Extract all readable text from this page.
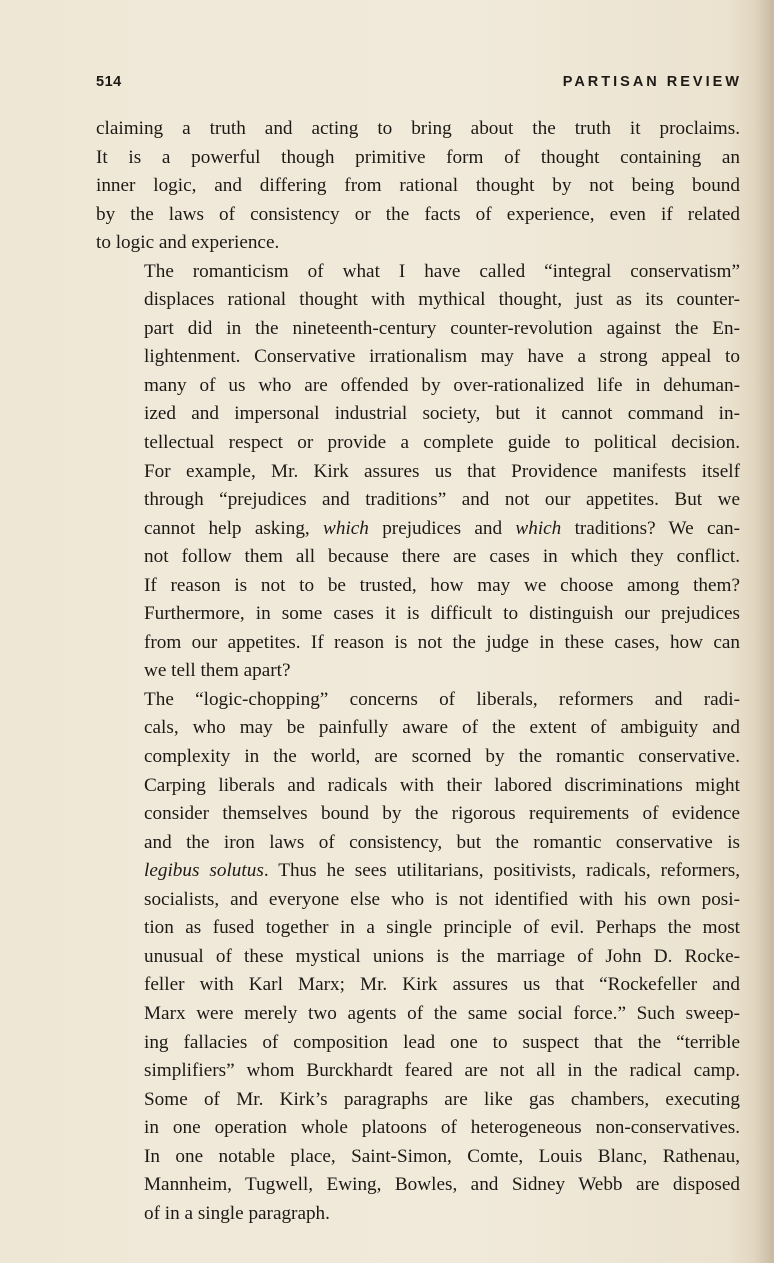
514	PARTISAN REVIEW
claiming a truth and acting to bring about the truth it proclaims.
It is a powerful though primitive form of thought containing an
inner logic, and differing from rational thought by not being bound
by the laws of consistency or the facts of experience, even if related
to logic and experience.
The romanticism of what I have called “integral conservatism”
displaces rational thought with mythical thought, just as its counter-
part did in the nineteenth-century counter-revolution against the En-
lightenment. Conservative irrationalism may have a strong appeal to
many of us who are offended by over-rationalized life in dehuman-
ized and impersonal industrial society, but it cannot command in-
tellectual respect or provide a complete guide to political decision.
For example, Mr. Kirk assures us that Providence manifests itself
through “prejudices and traditions” and not our appetites. But we
cannot help asking, which prejudices and which traditions? We can-
not follow them all because there are cases in which they conflict.
If reason is not to be trusted, how may we choose among them?
Furthermore, in some cases it is difficult to distinguish our prejudices
from our appetites. If reason is not the judge in these cases, how can
we tell them apart?
The “logic-chopping” concerns of liberals, reformers and radi-
cals, who may be painfully aware of the extent of ambiguity and
complexity in the world, are scorned by the romantic conservative.
Carping liberals and radicals with their labored discriminations might
consider themselves bound by the rigorous requirements of evidence
and the iron laws of consistency, but the romantic conservative is
legibus solutus. Thus he sees utilitarians, positivists, radicals, reformers,
socialists, and everyone else who is not identified with his own posi-
tion as fused together in a single principle of evil. Perhaps the most
unusual of these mystical unions is the marriage of John D. Rocke-
feller with Karl Marx; Mr. Kirk assures us that “Rockefeller and
Marx were merely two agents of the same social force.” Such sweep-
ing fallacies of composition lead one to suspect that the “terrible
simplifiers” whom Burckhardt feared are not all in the radical camp.
Some of Mr. Kirk’s paragraphs are like gas chambers, executing
in one operation whole platoons of heterogeneous non-conservatives.
In one notable place, Saint-Simon, Comte, Louis Blanc, Rathenau,
Mannheim, Tugwell, Ewing, Bowles, and Sidney Webb are disposed
of in a single paragraph.
